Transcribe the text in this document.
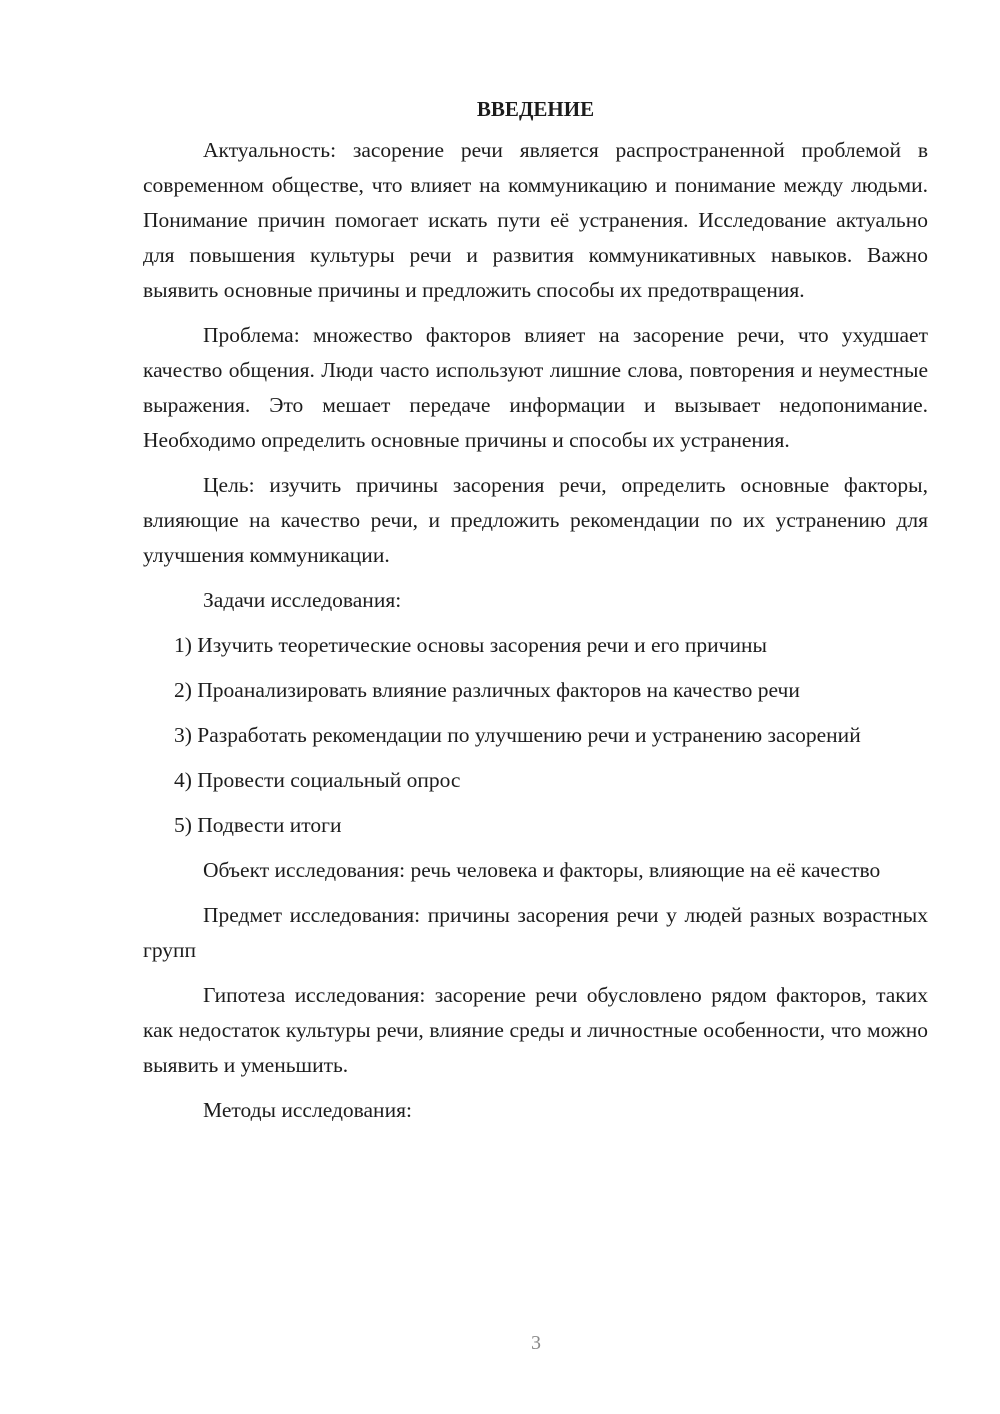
ВВЕДЕНИЕ

Актуальность: засорение речи является распространенной проблемой в современном обществе, что влияет на коммуникацию и понимание между людьми. Понимание причин помогает искать пути её устранения. Исследование актуально для повышения культуры речи и развития коммуникативных навыков. Важно выявить основные причины и предложить способы их предотвращения.

Проблема: множество факторов влияет на засорение речи, что ухудшает качество общения. Люди часто используют лишние слова, повторения и неуместные выражения. Это мешает передаче информации и вызывает недопонимание. Необходимо определить основные причины и способы их устранения.

Цель: изучить причины засорения речи, определить основные факторы, влияющие на качество речи, и предложить рекомендации по их устранению для улучшения коммуникации.

Задачи исследования:

1) Изучить теоретические основы засорения речи и его причины

2) Проанализировать влияние различных факторов на качество речи

3) Разработать рекомендации по улучшению речи и устранению засорений

4) Провести социальный опрос

5) Подвести итоги

Объект исследования: речь человека и факторы, влияющие на её качество

Предмет исследования: причины засорения речи у людей разных возрастных групп

Гипотеза исследования: засорение речи обусловлено рядом факторов, таких как недостаток культуры речи, влияние среды и личностные особенности, что можно выявить и уменьшить.

Методы исследования:

3
